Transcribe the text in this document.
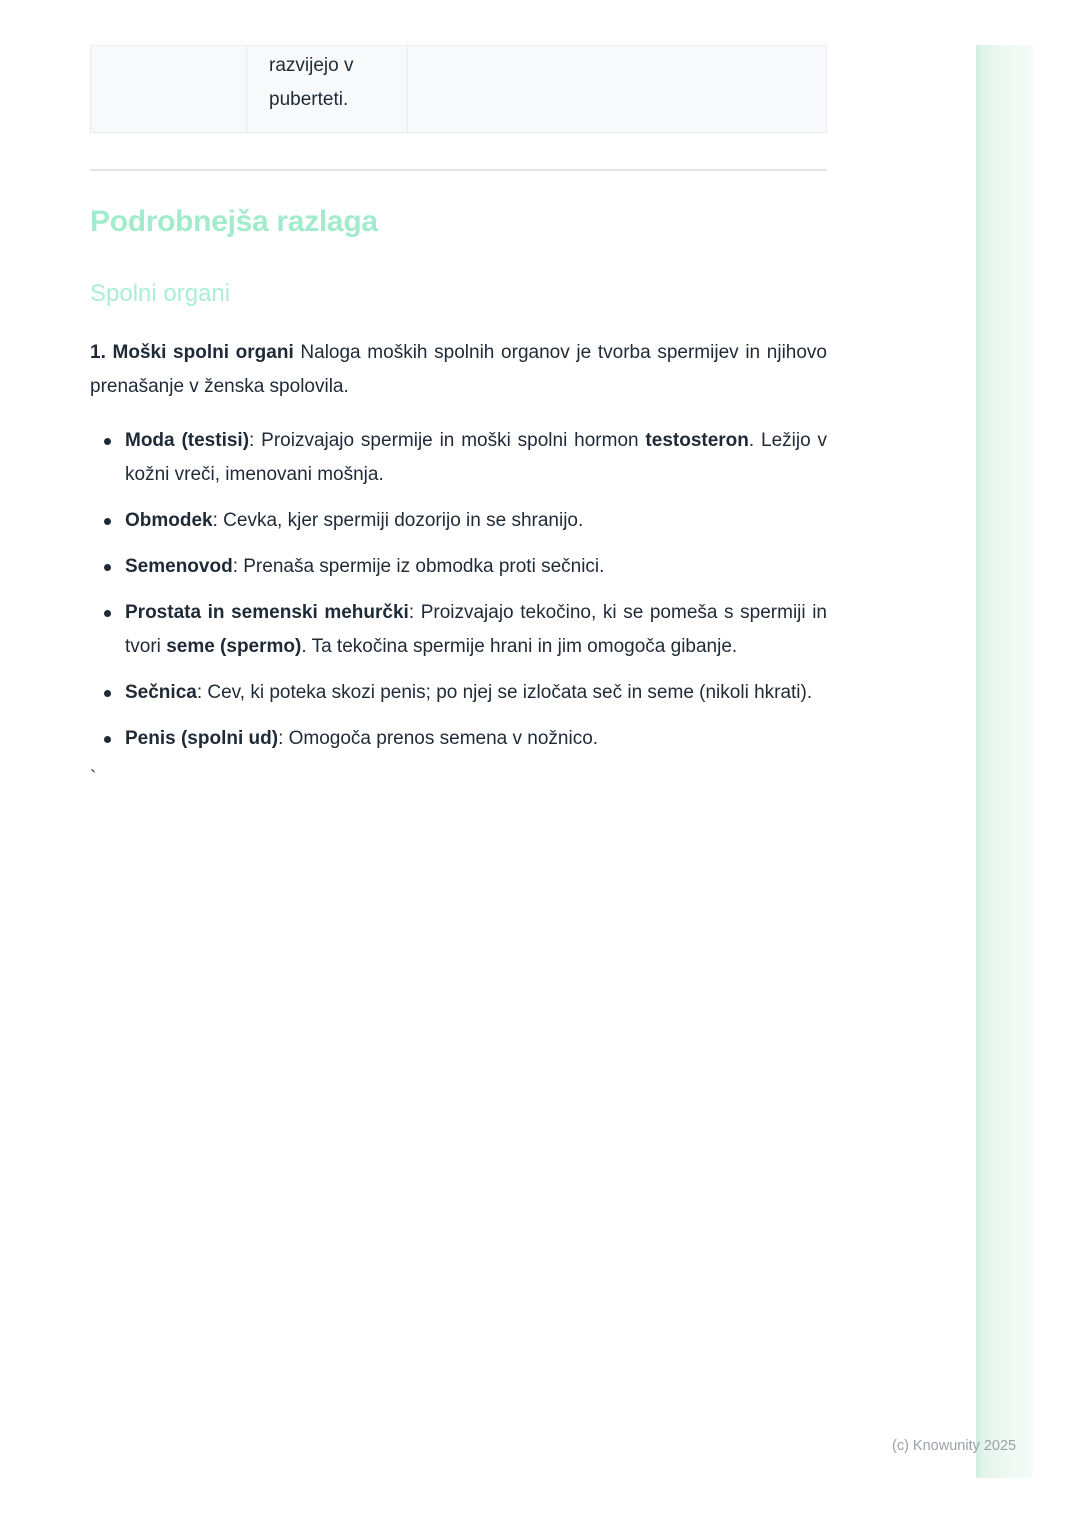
razvijejo v puberteti.
Podrobnejša razlaga
Spolni organi

1. Moški spolni organi Naloga moških spolnih organov je tvorba spermijev in njihovo prenašanje v ženska spolovila.

Moda (testisi): Proizvajajo spermije in moški spolni hormon testosteron. Ležijo v kožni vreči, imenovani mošnja.
Obmodek: Cevka, kjer spermiji dozorijo in se shranijo.
Semenovod: Prenaša spermije iz obmodka proti sečnici.
Prostata in semenski mehurčki: Proizvajajo tekočino, ki se pomeša s spermiji in tvori seme (spermo). Ta tekočina spermije hrani in jim omogoča gibanje.
Sečnica: Cev, ki poteka skozi penis; po njej se izločata seč in seme (nikoli hkrati).
Penis (spolni ud): Omogoča prenos semena v nožnico.
`
(c) Knowunity 2025
